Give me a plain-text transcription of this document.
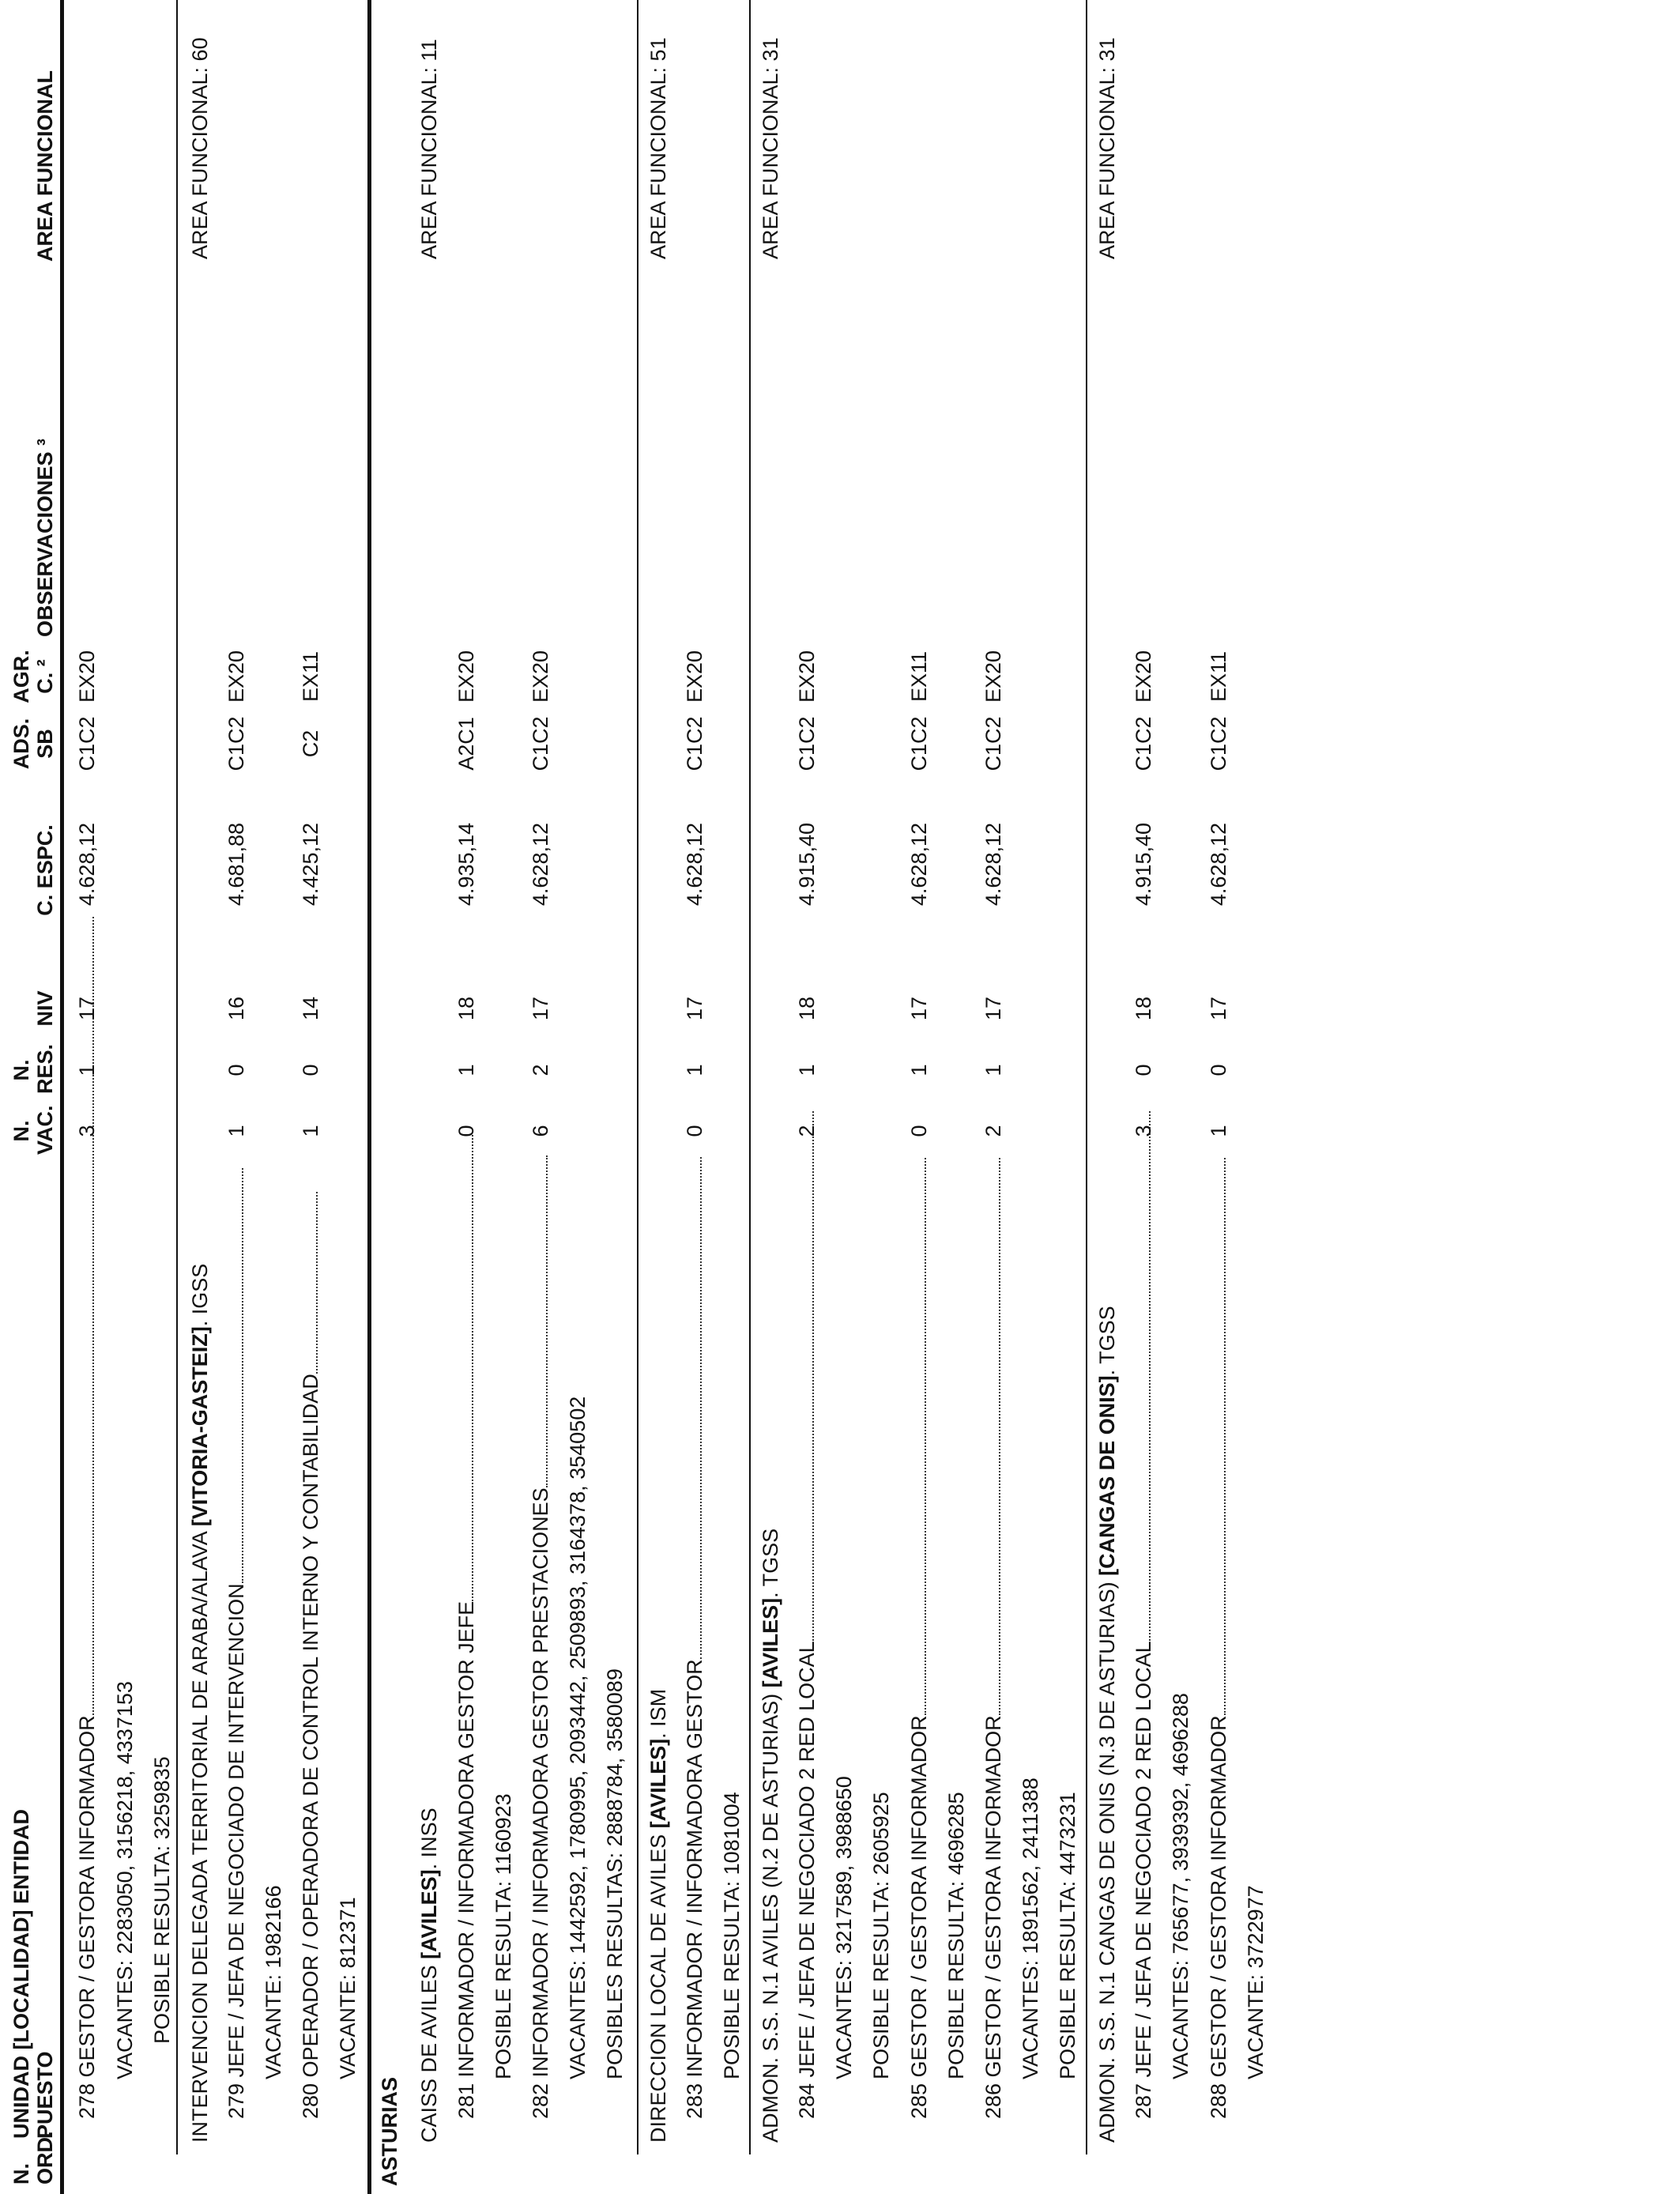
N. ORD.
UNIDAD [LOCALIDAD] ENTIDAD PUESTO
N. VAC.
N. RES.
NIV
C. ESPC.
ADS. SB
AGR. C. ²
OBSERVACIONES ³
AREA FUNCIONAL
278 GESTOR / GESTORA INFORMADOR
3
1
17
4.628,12
C1C2
EX20
VACANTES: 2283050, 3156218, 4337153 POSIBLE RESULTA: 3259835 INTERVENCION DELEGADA TERRITORIAL DE ARABA/ALAVA [VITORIA-GASTEIZ]. IGSS
AREA FUNCIONAL: 60
279 JEFE / JEFA DE NEGOCIADO DE INTERVENCION
1
0
16
4.681,88
C1C2
EX20
VACANTE: 1982166 280 OPERADOR / OPERADORA DE CONTROL INTERNO Y CONTABILIDAD
1
0
14
4.425,12
C2
EX11
VACANTE: 812371
ASTURIAS CAISS DE AVILES [AVILES]. INSS
AREA FUNCIONAL: 11
281 INFORMADOR / INFORMADORA GESTOR JEFE
0
1
18
4.935,14
A2C1
EX20
POSIBLE RESULTA: 1160923 282 INFORMADOR / INFORMADORA GESTOR PRESTACIONES
6
2
17
4.628,12
C1C2
EX20
VACANTES: 1442592, 1780995, 2093442, 2509893, 3164378, 3540502 POSIBLES RESULTAS: 2888784, 3580089 DIRECCION LOCAL DE AVILES [AVILES]. ISM
AREA FUNCIONAL: 51
283 INFORMADOR / INFORMADORA GESTOR
0
1
17
4.628,12
C1C2
EX20
POSIBLE RESULTA: 1081004 ADMON. S.S. N.1 AVILES (N.2 DE ASTURIAS) [AVILES]. TGSS
AREA FUNCIONAL: 31
284 JEFE / JEFA DE NEGOCIADO 2 RED LOCAL
2
1
18
4.915,40
C1C2
EX20
VACANTES: 3217589, 3988650 POSIBLE RESULTA: 2605925 285 GESTOR / GESTORA INFORMADOR
0
1
17
4.628,12
C1C2
EX11
POSIBLE RESULTA: 4696285 286 GESTOR / GESTORA INFORMADOR
2
1
17
4.628,12
C1C2
EX20
VACANTES: 1891562, 2411388 POSIBLE RESULTA: 4473231 ADMON. S.S. N.1 CANGAS DE ONIS (N.3 DE ASTURIAS) [CANGAS DE ONIS]. TGSS
AREA FUNCIONAL: 31
287 JEFE / JEFA DE NEGOCIADO 2 RED LOCAL
3
0
18
4.915,40
C1C2
EX20
VACANTES: 765677, 3939392, 4696288 288 GESTOR / GESTORA INFORMADOR
1
0
17
4.628,12
C1C2
EX11
VACANTE: 3722977
